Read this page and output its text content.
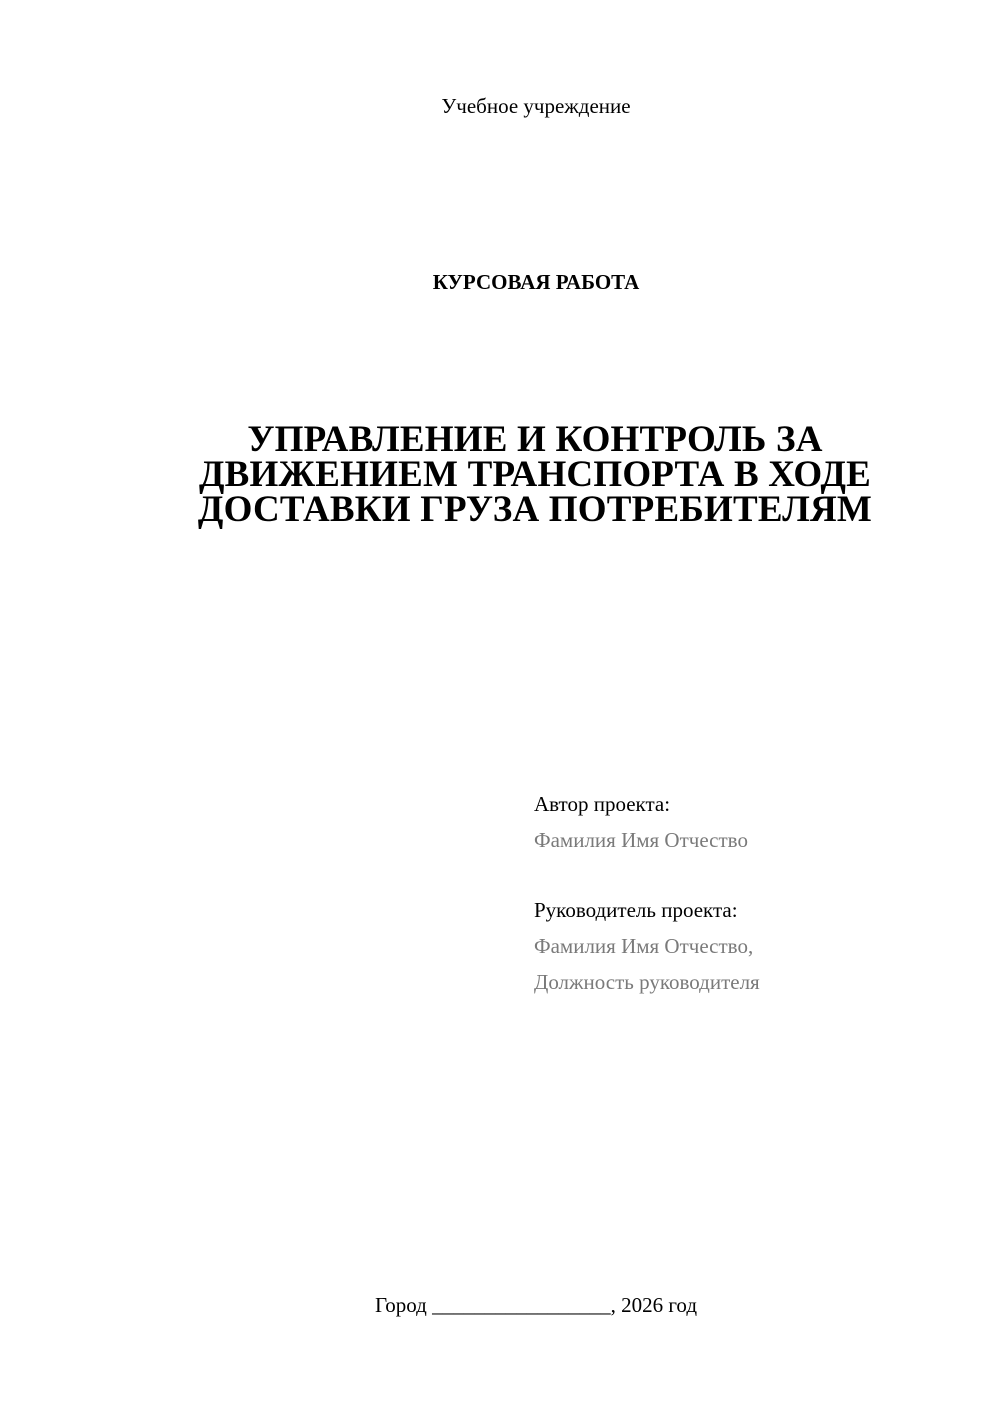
Учебное учреждение
КУРСОВАЯ РАБОТА
УПРАВЛЕНИЕ И КОНТРОЛЬ ЗА
ДВИЖЕНИЕМ ТРАНСПОРТА В ХОДЕ
ДОСТАВКИ ГРУЗА ПОТРЕБИТЕЛЯМ
Автор проекта:
Фамилия Имя Отчество
Руководитель проекта:
Фамилия Имя Отчество,
Должность руководителя
Город _________________, 2026 год
